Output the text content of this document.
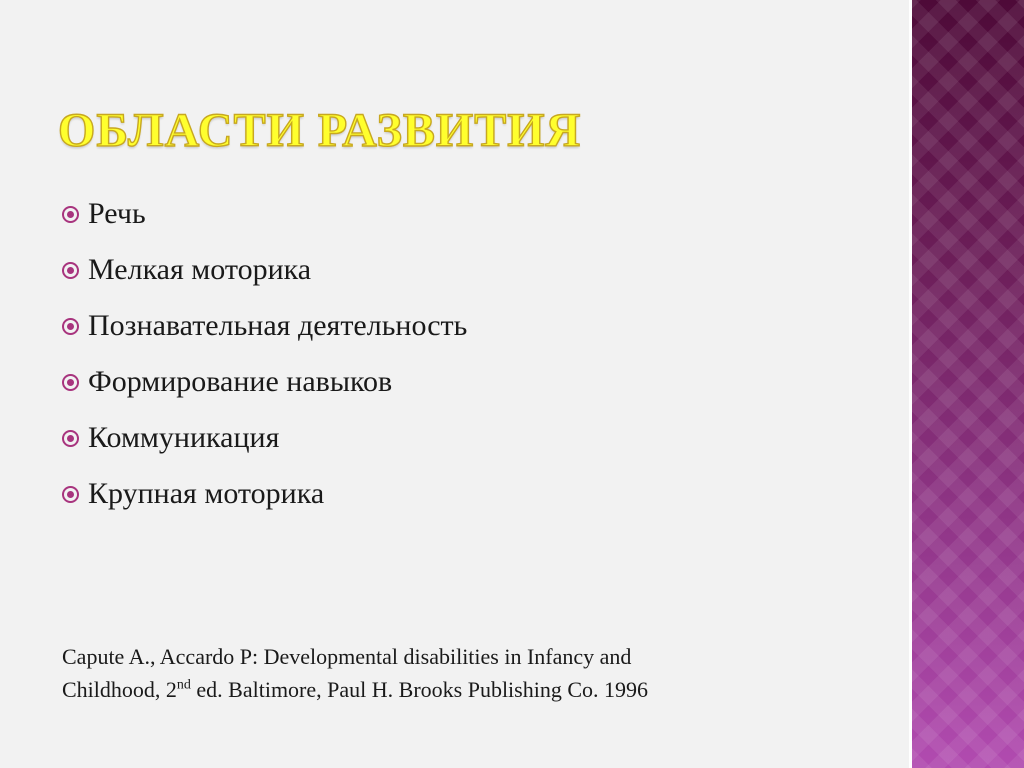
ОБЛАСТИ РАЗВИТИЯ
Речь
Мелкая моторика
Познавательная деятельность
Формирование навыков
Коммуникация
Крупная моторика
Capute A., Accardo P: Developmental disabilities in Infancy and
Childhood, 2nd ed. Baltimore, Paul H. Brooks Publishing Co. 1996
